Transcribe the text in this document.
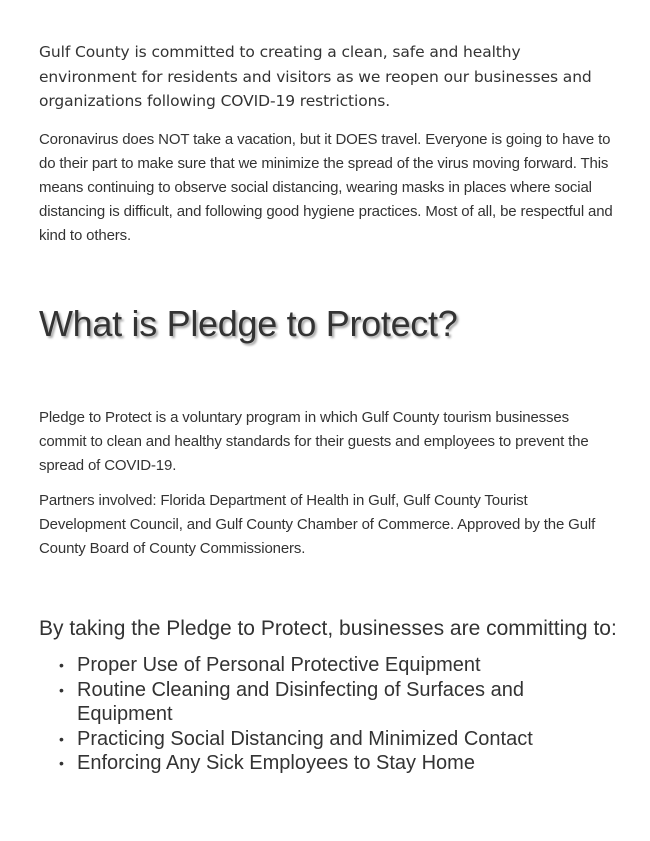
Gulf County is committed to creating a clean, safe and healthy environment for residents and visitors as we reopen our businesses and organizations following COVID-19 restrictions.

Coronavirus does NOT take a vacation, but it DOES travel. Everyone is going to have to do their part to make sure that we minimize the spread of the virus moving forward. This means continuing to observe social distancing, wearing masks in places where social distancing is difficult, and following good hygiene practices. Most of all, be respectful and kind to others.

What is Pledge to Protect?

Pledge to Protect is a voluntary program in which Gulf County tourism businesses commit to clean and healthy standards for their guests and employees to prevent the spread of COVID-19.

Partners involved: Florida Department of Health in Gulf, Gulf County Tourist Development Council, and Gulf County Chamber of Commerce. Approved by the Gulf County Board of County Commissioners.

By taking the Pledge to Protect, businesses are committing to:
• Proper Use of Personal Protective Equipment
• Routine Cleaning and Disinfecting of Surfaces and Equipment
• Practicing Social Distancing and Minimized Contact
• Enforcing Any Sick Employees to Stay Home
